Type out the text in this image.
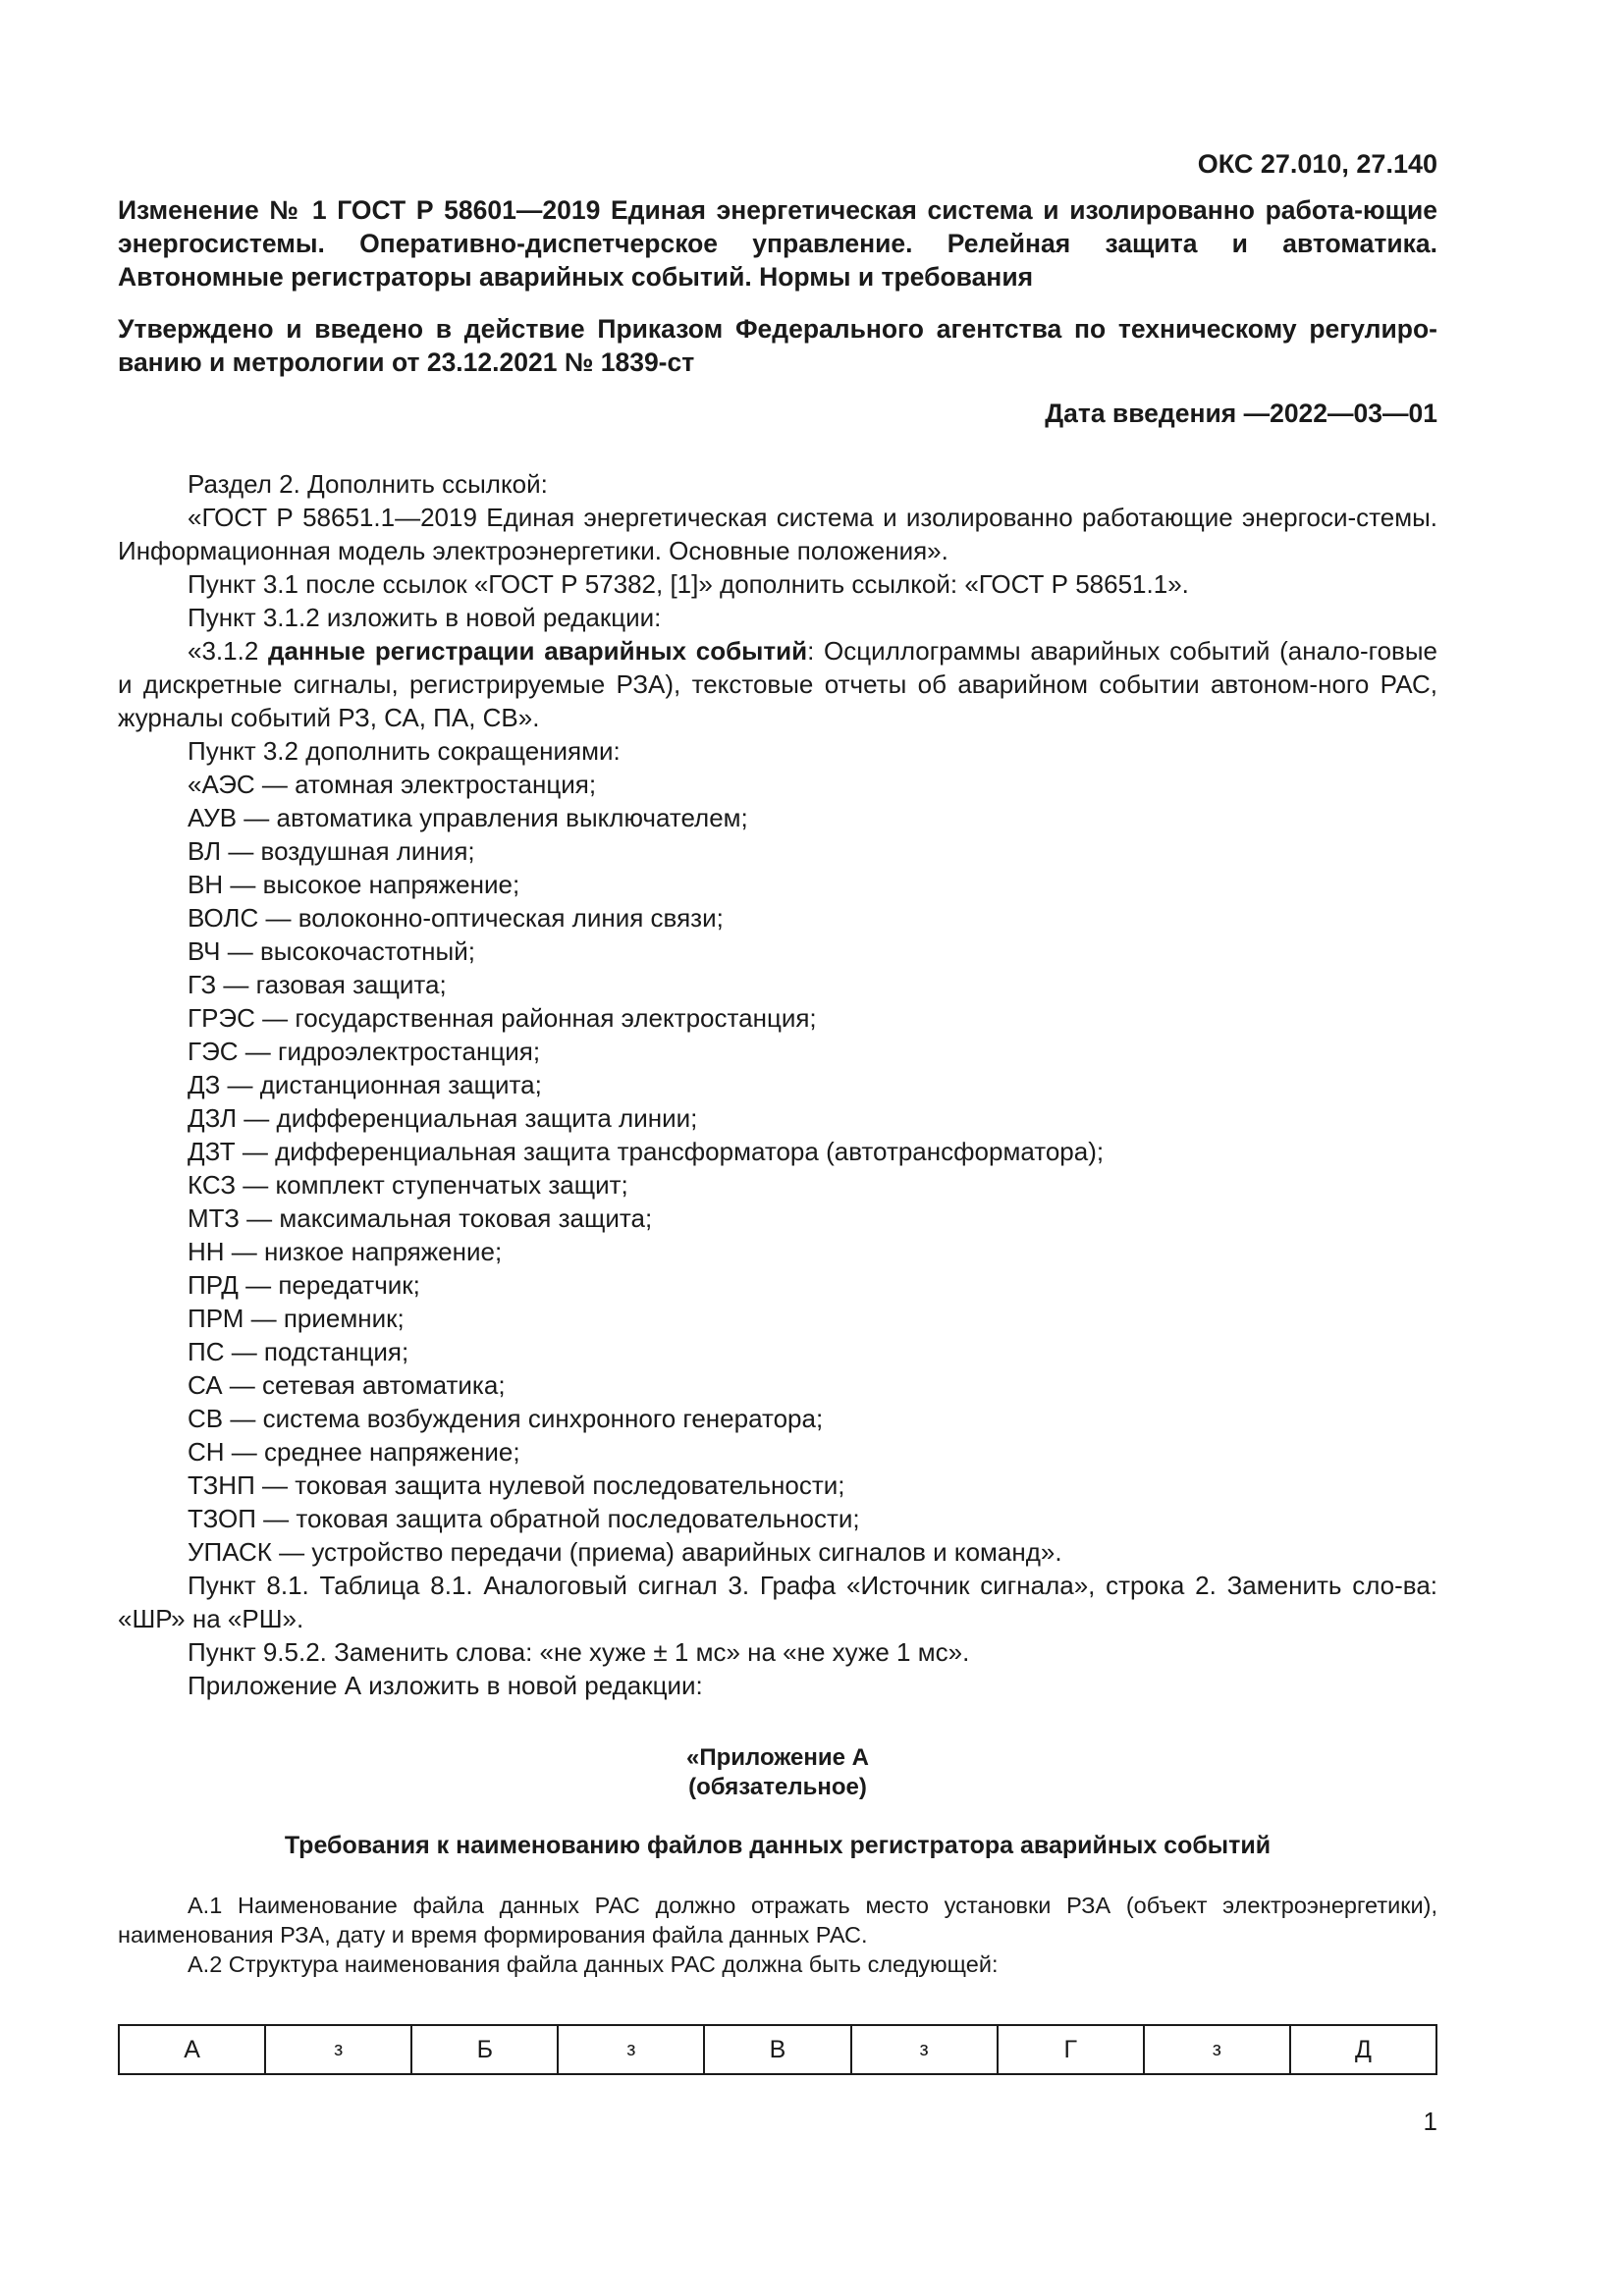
ОКС 27.010, 27.140
Изменение № 1 ГОСТ Р 58601—2019 Единая энергетическая система и изолированно работа-ющие энергосистемы. Оперативно-диспетчерское управление. Релейная защита и автоматика. Автономные регистраторы аварийных событий. Нормы и требования
Утверждено и введено в действие Приказом Федерального агентства по техническому регулиро-ванию и метрологии от 23.12.2021 № 1839-ст
Дата введения —2022—03—01

Раздел 2. Дополнить ссылкой:

«ГОСТ Р 58651.1—2019 Единая энергетическая система и изолированно работающие энергоси-стемы. Информационная модель электроэнергетики. Основные положения».

Пункт 3.1 после ссылок «ГОСТ Р 57382, [1]» дополнить ссылкой: «ГОСТ Р 58651.1».

Пункт 3.1.2 изложить в новой редакции:

«3.1.2 данные регистрации аварийных событий: Осциллограммы аварийных событий (анало-говые и дискретные сигналы, регистрируемые РЗА), текстовые отчеты об аварийном событии автоном-ного РАС, журналы событий РЗ, СА, ПА, СВ».

Пункт 3.2 дополнить сокращениями:

«АЭС — атомная электростанция;

АУВ — автоматика управления выключателем;

ВЛ — воздушная линия;

ВН — высокое напряжение;

ВОЛС — волоконно-оптическая линия связи;

ВЧ — высокочастотный;

ГЗ — газовая защита;

ГРЭС — государственная районная электростанция;

ГЭС — гидроэлектростанция;

ДЗ — дистанционная защита;

ДЗЛ — дифференциальная защита линии;

ДЗТ — дифференциальная защита трансформатора (автотрансформатора);

КСЗ — комплект ступенчатых защит;

МТЗ — максимальная токовая защита;

НН — низкое напряжение;

ПРД — передатчик;

ПРМ — приемник;

ПС — подстанция;

СА — сетевая автоматика;

СВ — система возбуждения синхронного генератора;

СН — среднее напряжение;

ТЗНП — токовая защита нулевой последовательности;

ТЗОП — токовая защита обратной последовательности;

УПАСК — устройство передачи (приема) аварийных сигналов и команд».

Пункт 8.1. Таблица 8.1. Аналоговый сигнал 3. Графа «Источник сигнала», строка 2. Заменить сло-ва: «ШР» на «РШ».

Пункт 9.5.2. Заменить слова: «не хуже ± 1 мс» на «не хуже 1 мс».

Приложение А изложить в новой редакции:

«Приложение А
(обязательное)
Требования к наименованию файлов данных регистратора аварийных событий

А.1 Наименование файла данных РАС должно отражать место установки РЗА (объект электроэнергетики), наименования РЗА, дату и время формирования файла данных РАС.

А.2 Структура наименования файла данных РАС должна быть следующей:

А	з	Б	з	В	з	Г	з	Д
1
